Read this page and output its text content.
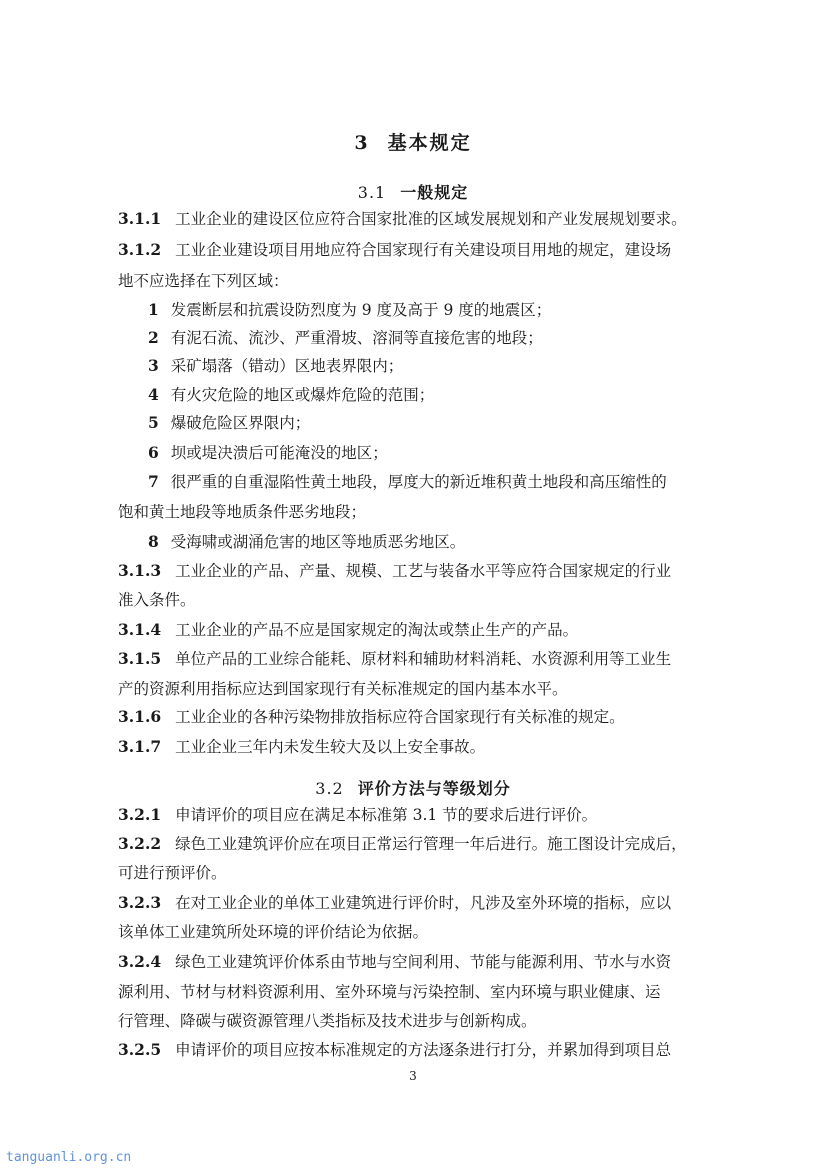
3 基本规定
3.1 一般规定
3.1.1 工业企业的建设区位应符合国家批准的区域发展规划和产业发展规划要求。
3.1.2 工业企业建设项目用地应符合国家现行有关建设项目用地的规定，建设场
地不应选择在下列区域：
1 发震断层和抗震设防烈度为 9 度及高于 9 度的地震区；
2 有泥石流、流沙、严重滑坡、溶洞等直接危害的地段；
3 采矿塌落（错动）区地表界限内；
4 有火灾危险的地区或爆炸危险的范围；
5 爆破危险区界限内；
6 坝或堤决溃后可能淹没的地区；
7 很严重的自重湿陷性黄土地段，厚度大的新近堆积黄土地段和高压缩性的
饱和黄土地段等地质条件恶劣地段；
8 受海啸或湖涌危害的地区等地质恶劣地区。
3.1.3 工业企业的产品、产量、规模、工艺与装备水平等应符合国家规定的行业
准入条件。
3.1.4 工业企业的产品不应是国家规定的淘汰或禁止生产的产品。
3.1.5 单位产品的工业综合能耗、原材料和辅助材料消耗、水资源利用等工业生
产的资源利用指标应达到国家现行有关标准规定的国内基本水平。
3.1.6 工业企业的各种污染物排放指标应符合国家现行有关标准的规定。
3.1.7 工业企业三年内未发生较大及以上安全事故。
3.2 评价方法与等级划分
3.2.1 申请评价的项目应在满足本标准第 3.1 节的要求后进行评价。
3.2.2 绿色工业建筑评价应在项目正常运行管理一年后进行。施工图设计完成后，
可进行预评价。
3.2.3 在对工业企业的单体工业建筑进行评价时，凡涉及室外环境的指标，应以
该单体工业建筑所处环境的评价结论为依据。
3.2.4 绿色工业建筑评价体系由节地与空间利用、节能与能源利用、节水与水资
源利用、节材与材料资源利用、室外环境与污染控制、室内环境与职业健康、运
行管理、降碳与碳资源管理八类指标及技术进步与创新构成。
3.2.5 申请评价的项目应按本标准规定的方法逐条进行打分，并累加得到项目总
3
tanguanli.org.cn
